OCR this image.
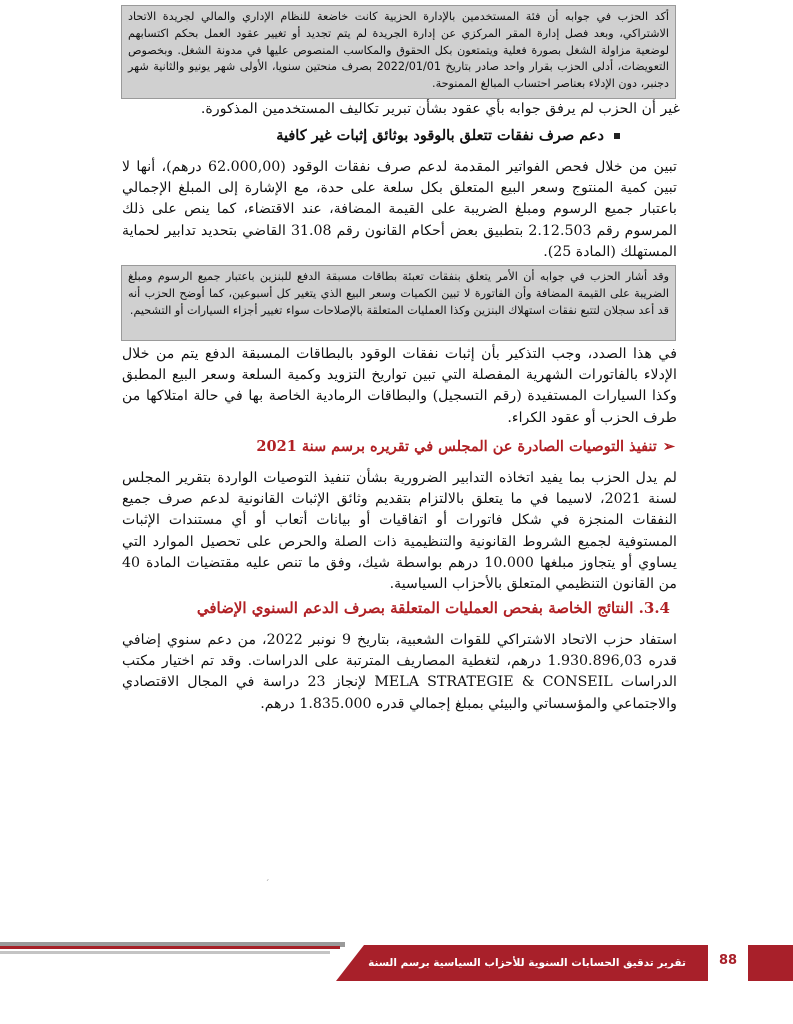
أكد الحزب في جوابه أن فئة المستخدمين بالإدارة الحزبية كانت خاضعة للنظام الإداري والمالي لجريدة الاتحاد الاشتراكي، وبعد فصل إدارة المقر المركزي عن إدارة الجريدة لم يتم تجديد أو تغيير عقود العمل بحكم اكتسابهم لوضعية مزاولة الشغل بصورة فعلية ويتمتعون بكل الحقوق والمكاسب المنصوص عليها في مدونة الشغل. وبخصوص التعويضات، أدلى الحزب بقرار واحد صادر بتاريخ 2022/01/01 بصرف منحتين سنويا، الأولى شهر يونيو والثانية شهر دجنبر، دون الإدلاء بعناصر احتساب المبالغ الممنوحة.
غير أن الحزب لم يرفق جوابه بأي عقود بشأن تبرير تكاليف المستخدمين المذكورة.
دعم صرف نفقات تتعلق بالوقود بوثائق إثبات غير كافية
تبين من خلال فحص الفواتير المقدمة لدعم صرف نفقات الوقود (62.000,00 درهم)، أنها لا تبين كمية المنتوج وسعر البيع المتعلق بكل سلعة على حدة، مع الإشارة إلى المبلغ الإجمالي باعتبار جميع الرسوم ومبلغ الضريبة على القيمة المضافة، عند الاقتضاء، كما ينص على ذلك المرسوم رقم 2.12.503 بتطبيق بعض أحكام القانون رقم 31.08 القاضي بتحديد تدابير لحماية المستهلك (المادة 25).
وقد أشار الحزب في جوابه أن الأمر يتعلق بنفقات تعبئة بطاقات مسبقة الدفع للبنزين باعتبار جميع الرسوم ومبلغ الضريبة على القيمة المضافة وأن الفاتورة لا تبين الكميات وسعر البيع الذي يتغير كل أسبوعين، كما أوضح الحزب أنه قد أعد سجلان لتتبع نفقات استهلاك البنزين وكذا العمليات المتعلقة بالإصلاحات سواء تغيير أجزاء السيارات أو التشحيم.
في هذا الصدد، وجب التذكير بأن إثبات نفقات الوقود بالبطاقات المسبقة الدفع يتم من خلال الإدلاء بالفاتورات الشهرية المفصلة التي تبين تواريخ التزويد وكمية السلعة وسعر البيع المطبق وكذا السيارات المستفيدة (رقم التسجيل) والبطاقات الرمادية الخاصة بها في حالة امتلاكها من طرف الحزب أو عقود الكراء.
➢تنفيذ التوصيات الصادرة عن المجلس في تقريره برسم سنة 2021
لم يدل الحزب بما يفيد اتخاذه التدابير الضرورية بشأن تنفيذ التوصيات الواردة بتقرير المجلس لسنة 2021، لاسيما في ما يتعلق بالالتزام بتقديم وثائق الإثبات القانونية لدعم صرف جميع النفقات المنجزة في شكل فاتورات أو اتفاقيات أو بيانات أتعاب أو أي مستندات الإثبات المستوفية لجميع الشروط القانونية والتنظيمية ذات الصلة والحرص على تحصيل الموارد التي يساوي أو يتجاوز مبلغها 10.000 درهم بواسطة شيك، وفق ما تنص عليه مقتضيات المادة 40 من القانون التنظيمي المتعلق بالأحزاب السياسية.
3.4. النتائج الخاصة بفحص العمليات المتعلقة بصرف الدعم السنوي الإضافي
استفاد حزب الاتحاد الاشتراكي للقوات الشعبية، بتاريخ 9 نونبر 2022، من دعم سنوي إضافي قدره 1.930.896,03 درهم، لتغطية المصاريف المترتبة على الدراسات. وقد تم اختيار مكتب الدراسات MELA STRATEGIE & CONSEIL لإنجاز 23 دراسة في المجال الاقتصادي والاجتماعي والمؤسساتي والبيئي بمبلغ إجمالي قدره 1.835.000 درهم.
ˊ
تقرير تدقيق الحسابات السنوية للأحزاب السياسية برسم السنة المالية 2022
88
